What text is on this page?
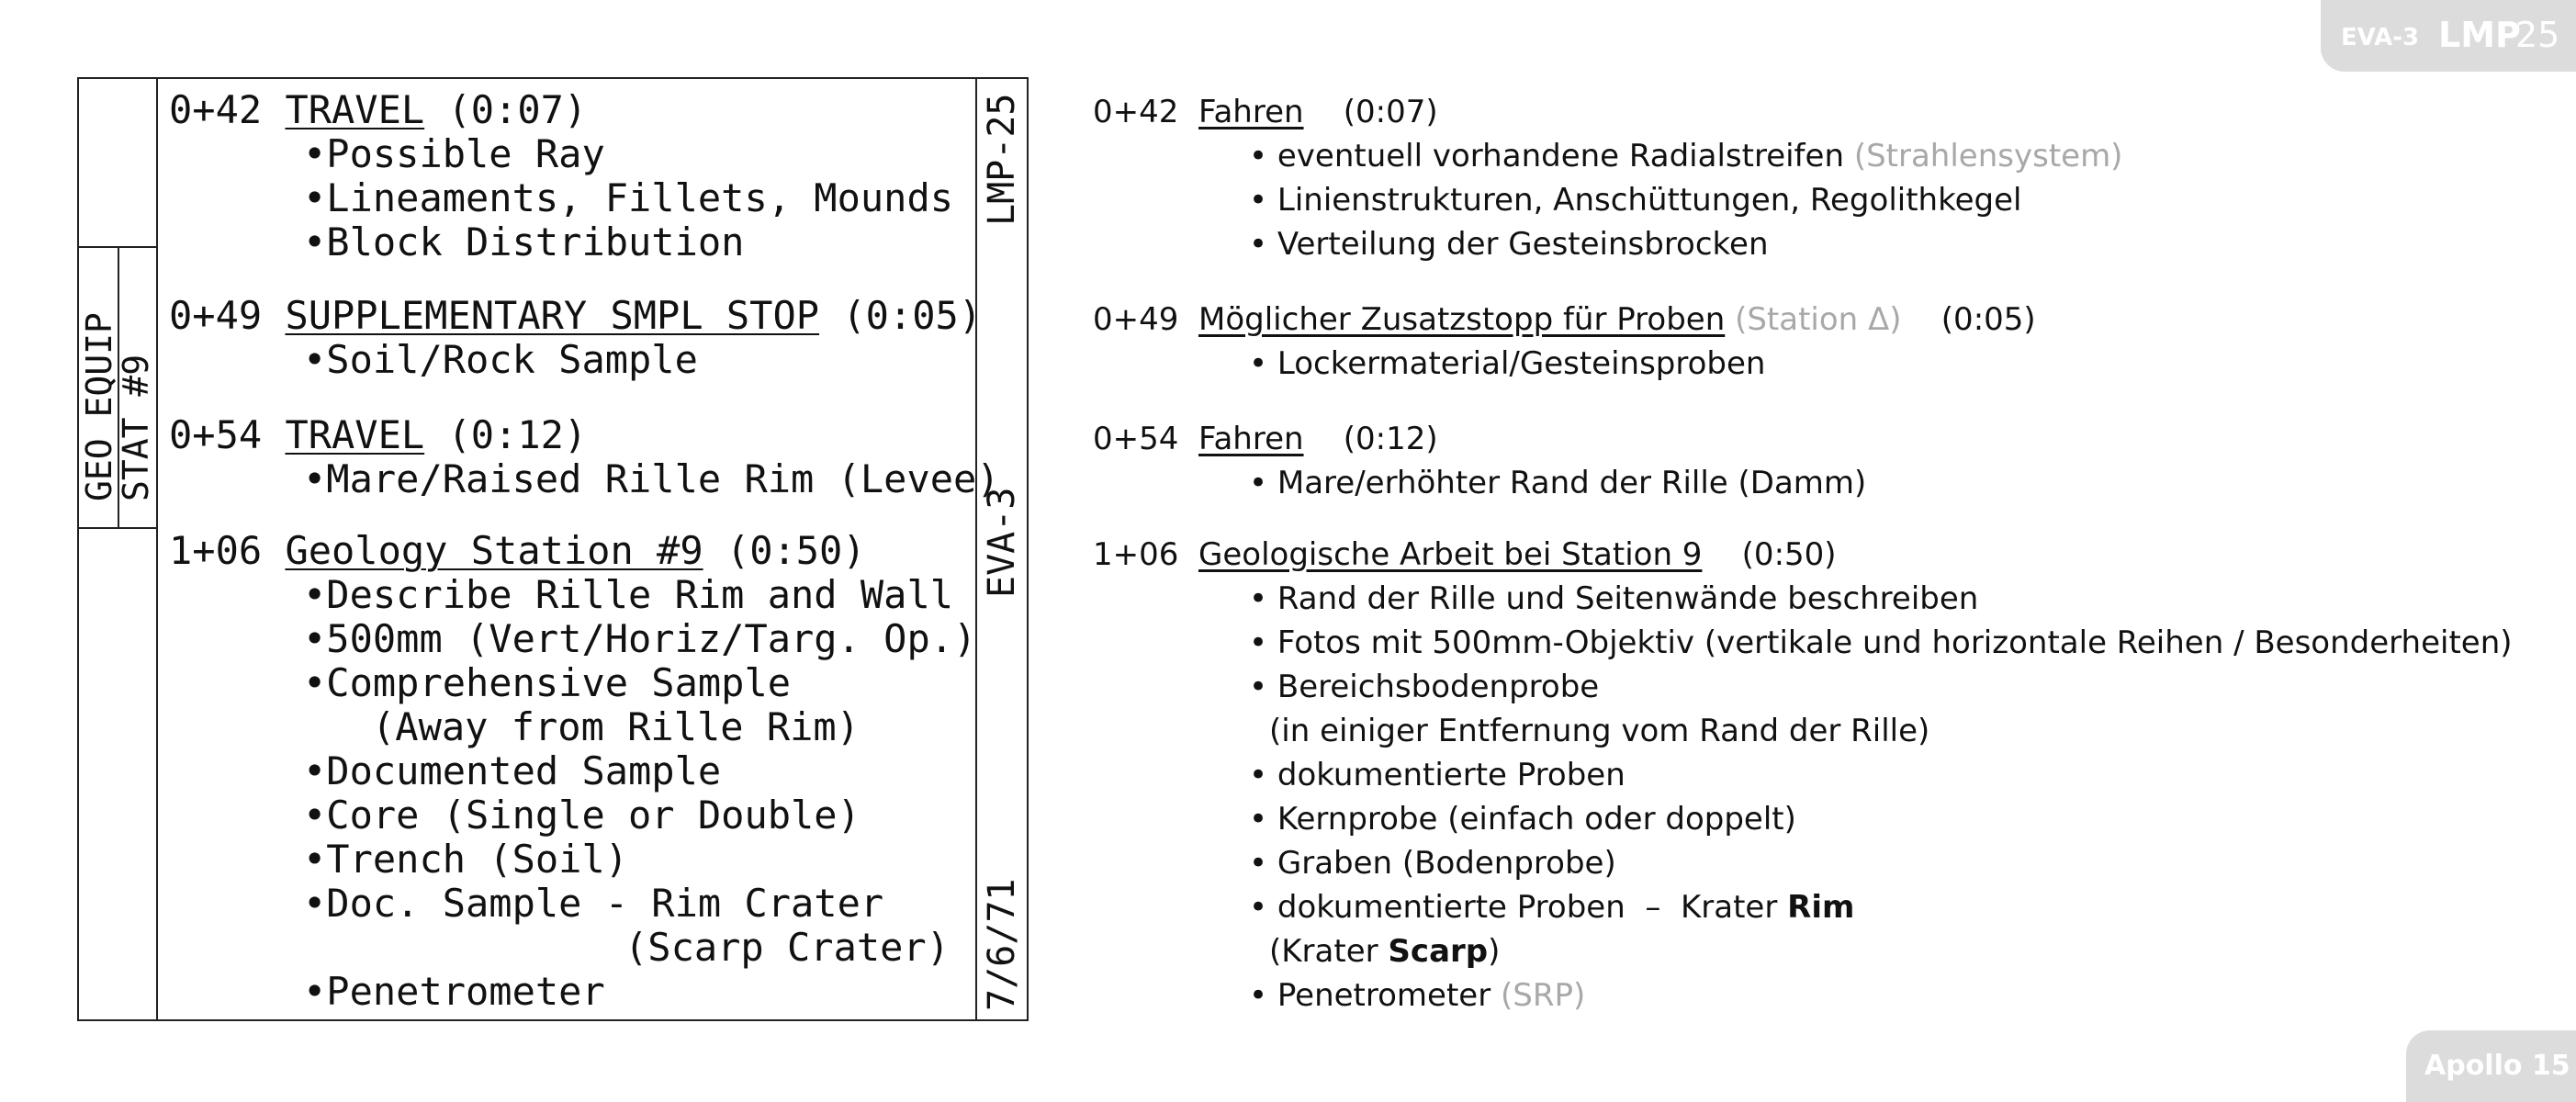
EVA-3 LMP
25
Apollo 15
GEO EQUIP
STAT #9
LMP-25
EVA-3
7/6/71
0+42 TRAVEL (0:07)
•Possible Ray
•Lineaments, Fillets, Mounds
•Block Distribution
0+49 SUPPLEMENTARY SMPL STOP (0:05)
•Soil/Rock Sample
0+54 TRAVEL (0:12)
•Mare/Raised Rille Rim (Levee)
1+06 Geology Station #9 (0:50)
•Describe Rille Rim and Wall
•500mm (Vert/Horiz/Targ. Op.)
•Comprehensive Sample
(Away from Rille Rim)
•Documented Sample
•Core (Single or Double)
•Trench (Soil)
•Doc. Sample - Rim Crater
(Scarp Crater)
•Penetrometer
0+42 Fahren (0:07)
• eventuell vorhandene Radialstreifen (Strahlensystem)
• Linienstrukturen, Anschüttungen, Regolithkegel
• Verteilung der Gesteinsbrocken
0+49 Möglicher Zusatzstopp für Proben (Station Δ) (0:05)
• Lockermaterial/Gesteinsproben
0+54 Fahren (0:12)
• Mare/erhöhter Rand der Rille (Damm)
1+06 Geologische Arbeit bei Station 9 (0:50)
• Rand der Rille und Seitenwände beschreiben
• Fotos mit 500mm-Objektiv (vertikale und horizontale Reihen / Besonderheiten)
• Bereichsbodenprobe
(in einiger Entfernung vom Rand der Rille)
• dokumentierte Proben
• Kernprobe (einfach oder doppelt)
• Graben (Bodenprobe)
• dokumentierte Proben  –  Krater Rim
(Krater Scarp)
• Penetrometer (SRP)
